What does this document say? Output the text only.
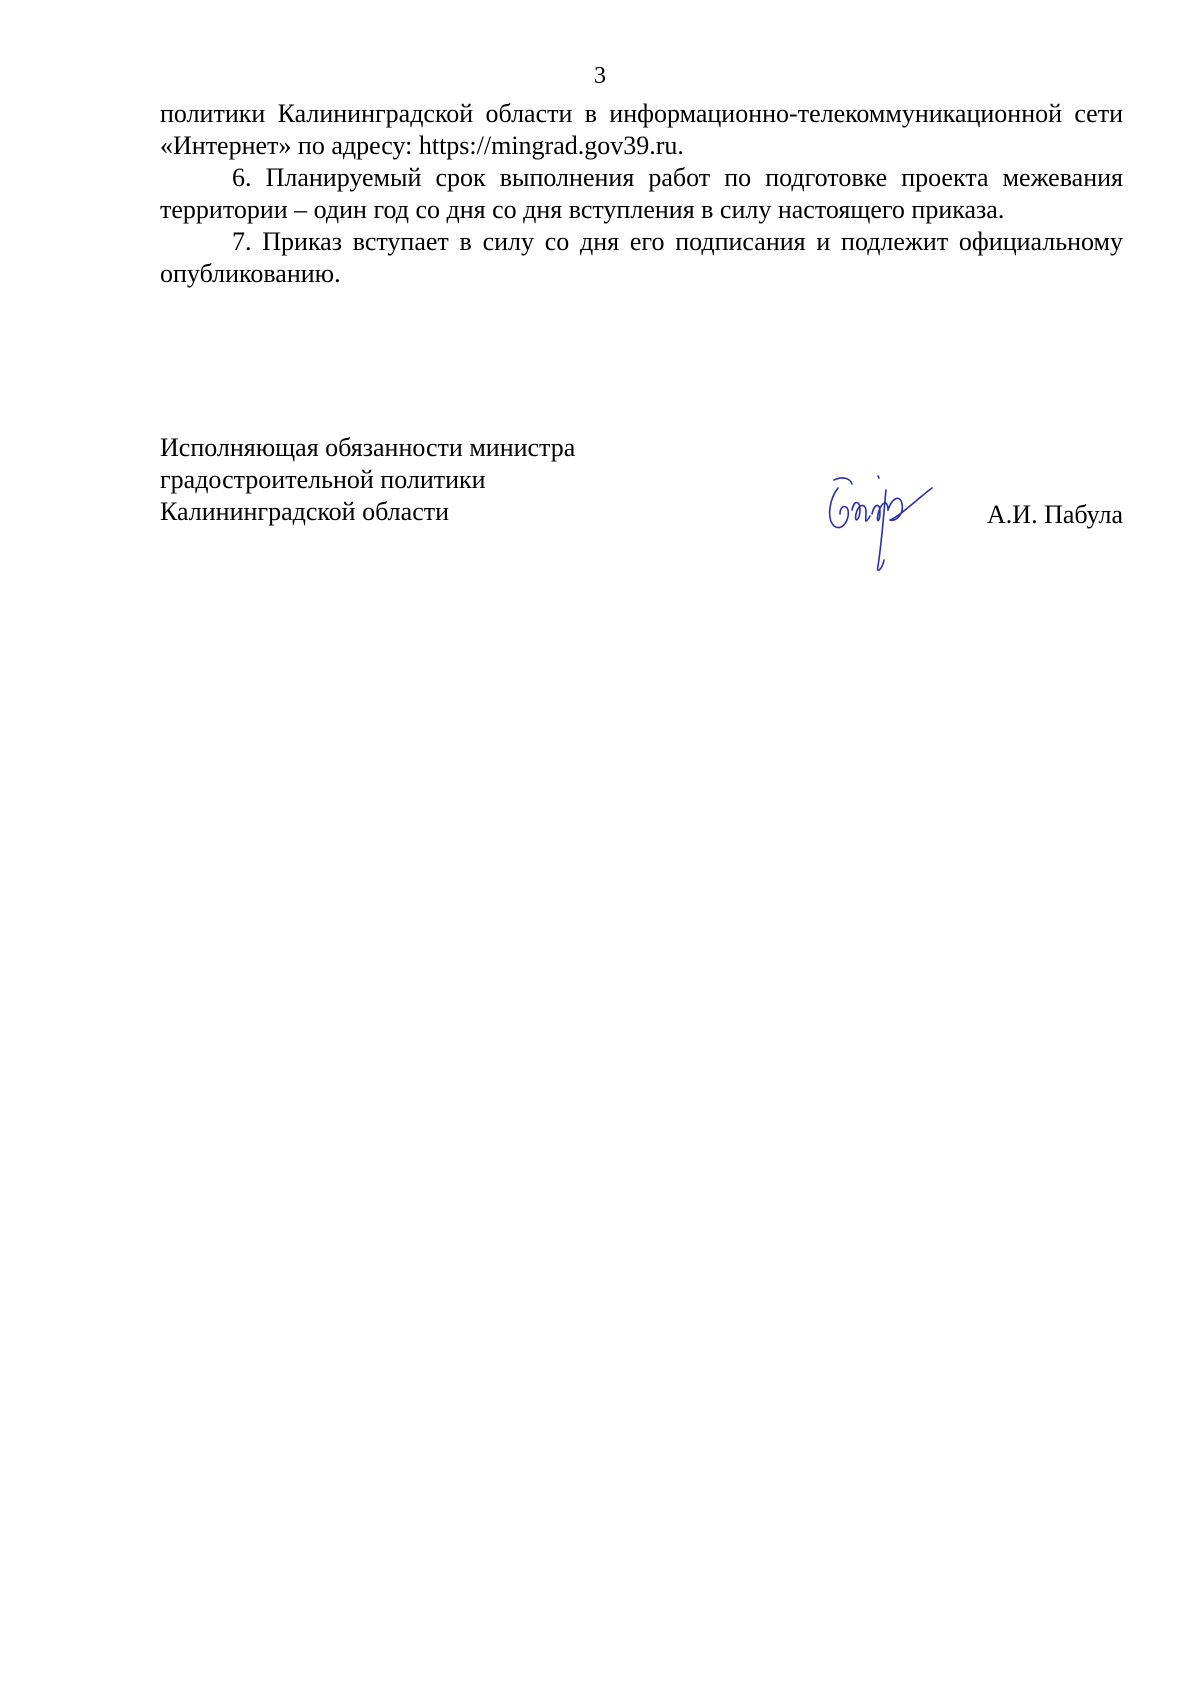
3

политики Калининградской области в информационно-телекоммуникационной сети «Интернет» по адресу: https://mingrad.gov39.ru.

6. Планируемый срок выполнения работ по подготовке проекта межевания территории – один год со дня со дня вступления в силу настоящего приказа.

7. Приказ вступает в силу со дня его подписания и подлежит официальному опубликованию.

Исполняющая обязанности министра
градостроительной политики
Калининградской области	А.И. Пабула
